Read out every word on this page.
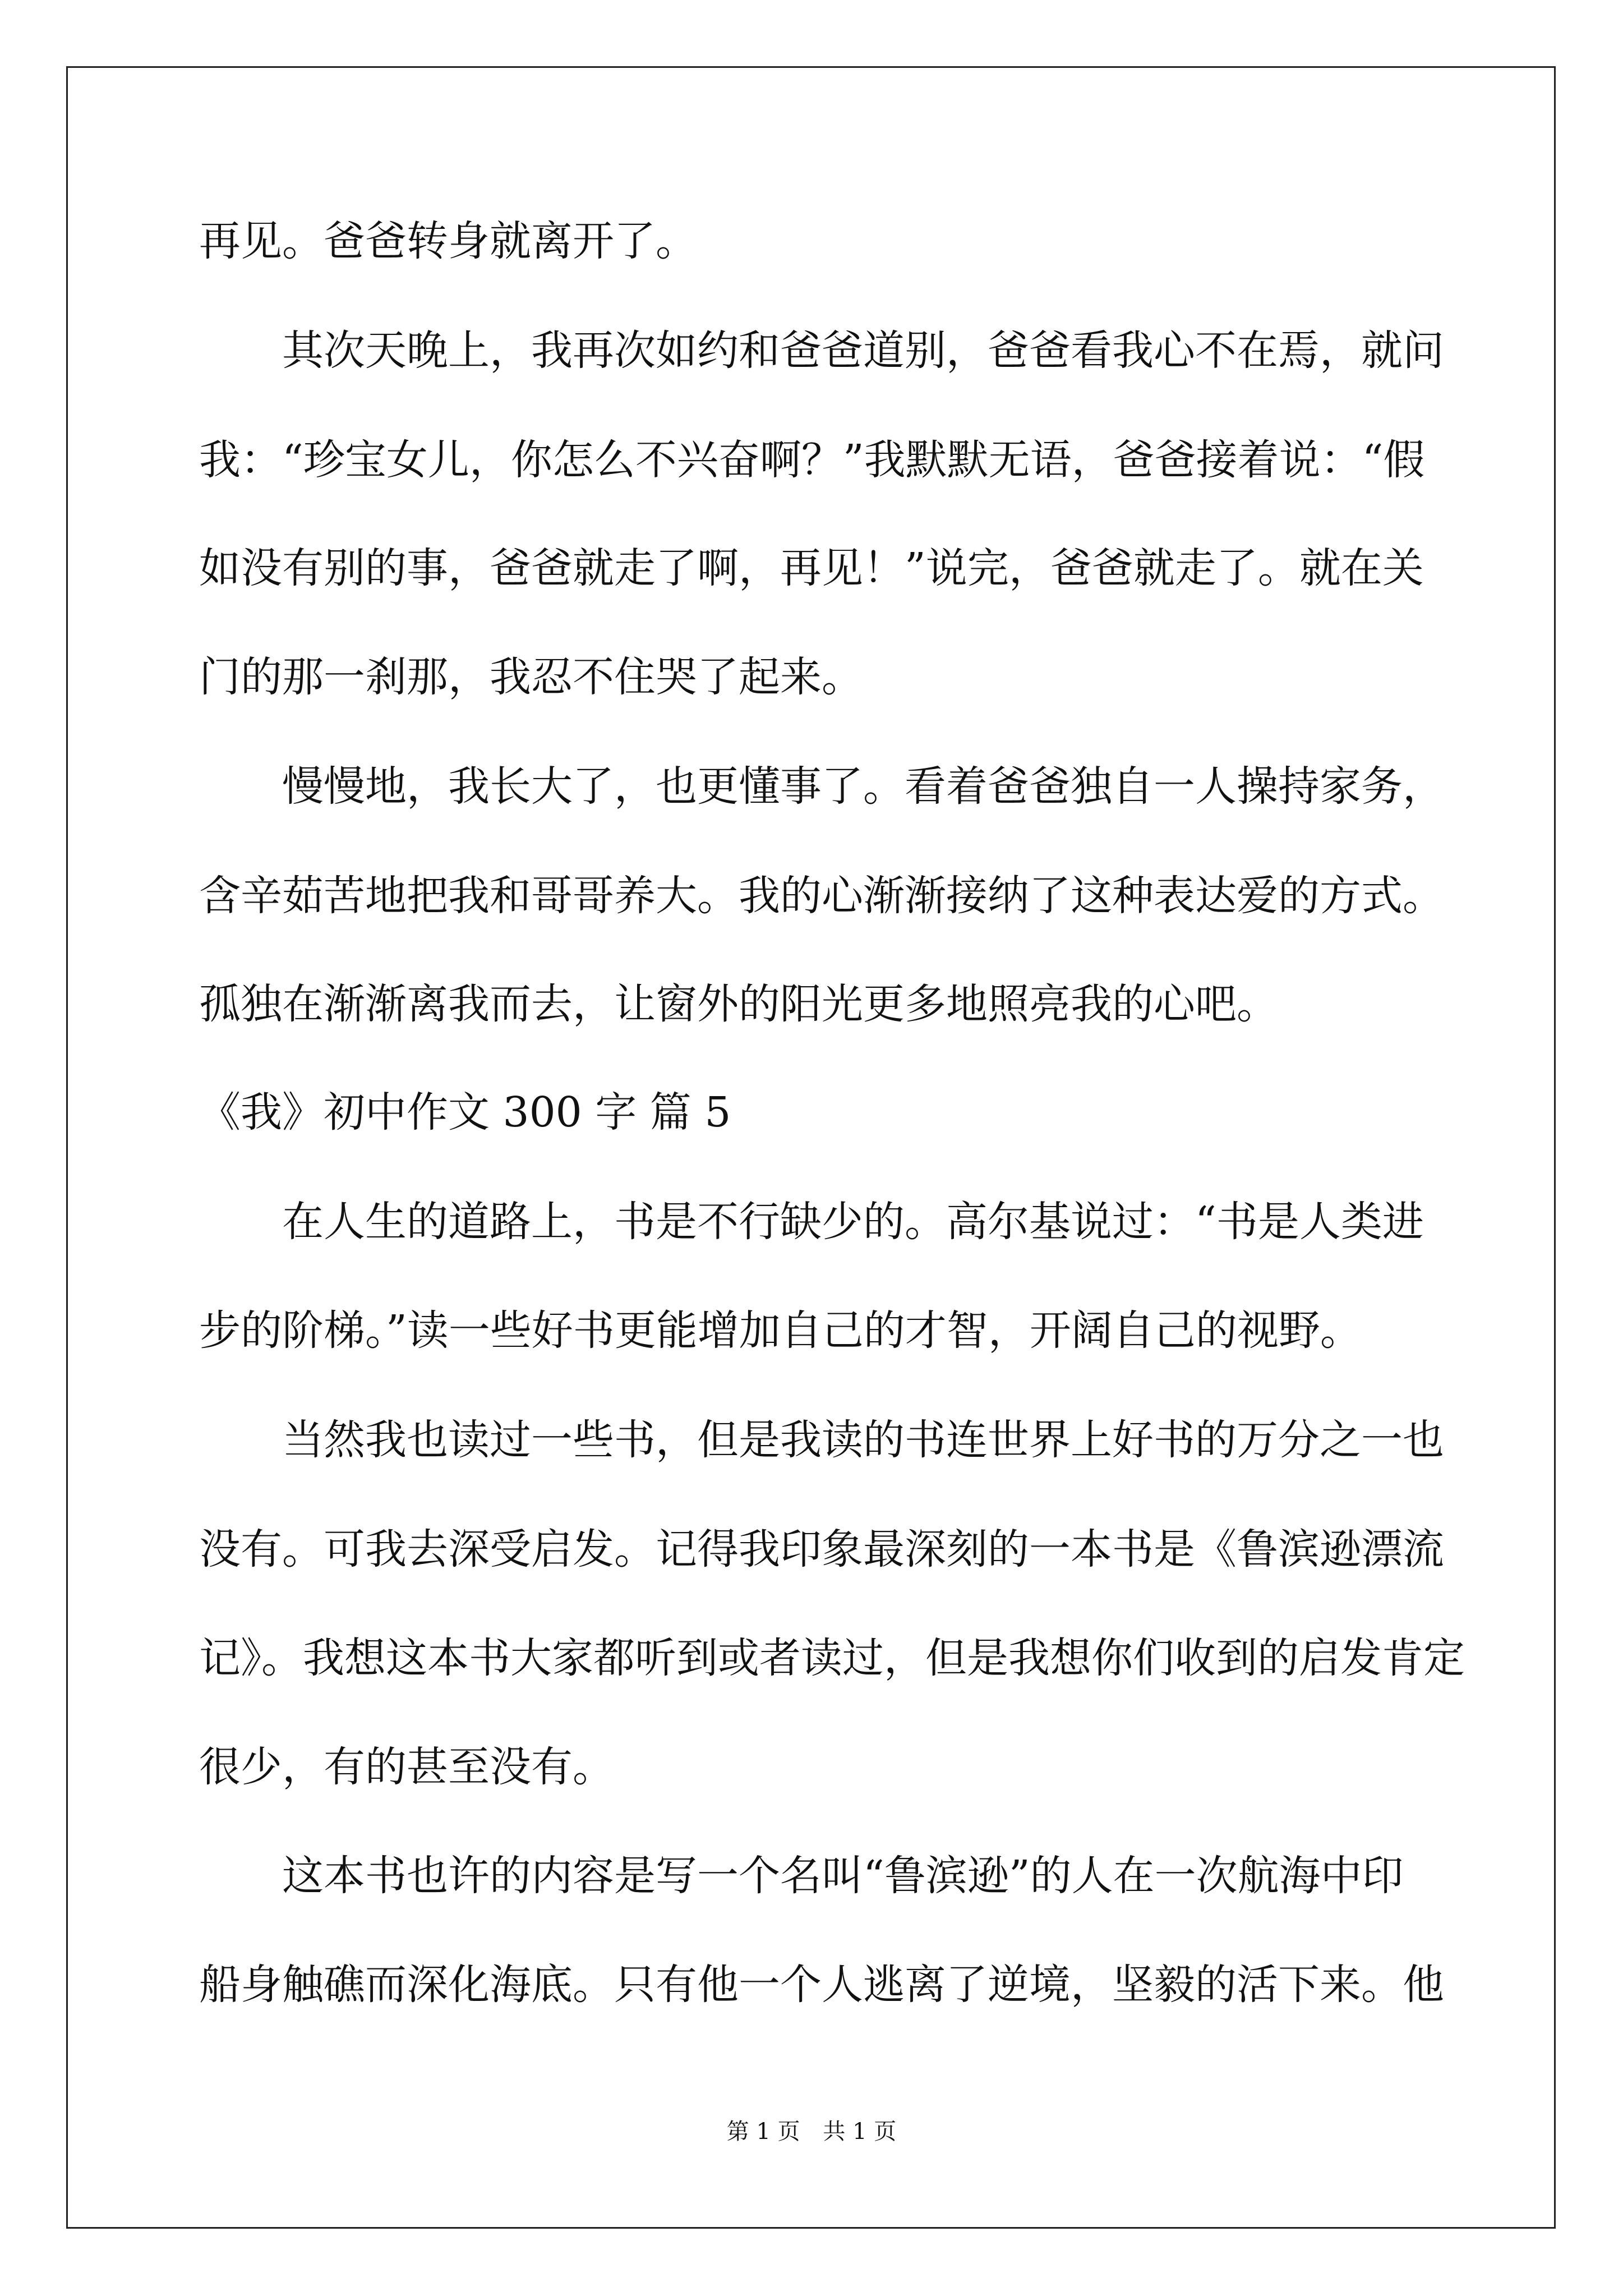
再见。爸爸转身就离开了。
其次天晚上，我再次如约和爸爸道别，爸爸看我心不在焉，就问
我：“珍宝女儿，你怎么不兴奋啊？”我默默无语，爸爸接着说：“假
如没有别的事，爸爸就走了啊，再见！”说完，爸爸就走了。就在关
门的那一刹那，我忍不住哭了起来。
慢慢地，我长大了，也更懂事了。看着爸爸独自一人操持家务，
含辛茹苦地把我和哥哥养大。我的心渐渐接纳了这种表达爱的方式。
孤独在渐渐离我而去，让窗外的阳光更多地照亮我的心吧。
《我》初中作文 300 字 篇 5
在人生的道路上，书是不行缺少的。高尔基说过：“书是人类进
步的阶梯。”读一些好书更能增加自己的才智，开阔自己的视野。
当然我也读过一些书，但是我读的书连世界上好书的万分之一也
没有。可我去深受启发。记得我印象最深刻的一本书是《鲁滨逊漂流
记》。我想这本书大家都听到或者读过，但是我想你们收到的启发肯定
很少，有的甚至没有。
这本书也许的内容是写一个名叫“鲁滨逊”的人在一次航海中印
船身触礁而深化海底。只有他一个人逃离了逆境，坚毅的活下来。他
第 1 页 共 1 页
